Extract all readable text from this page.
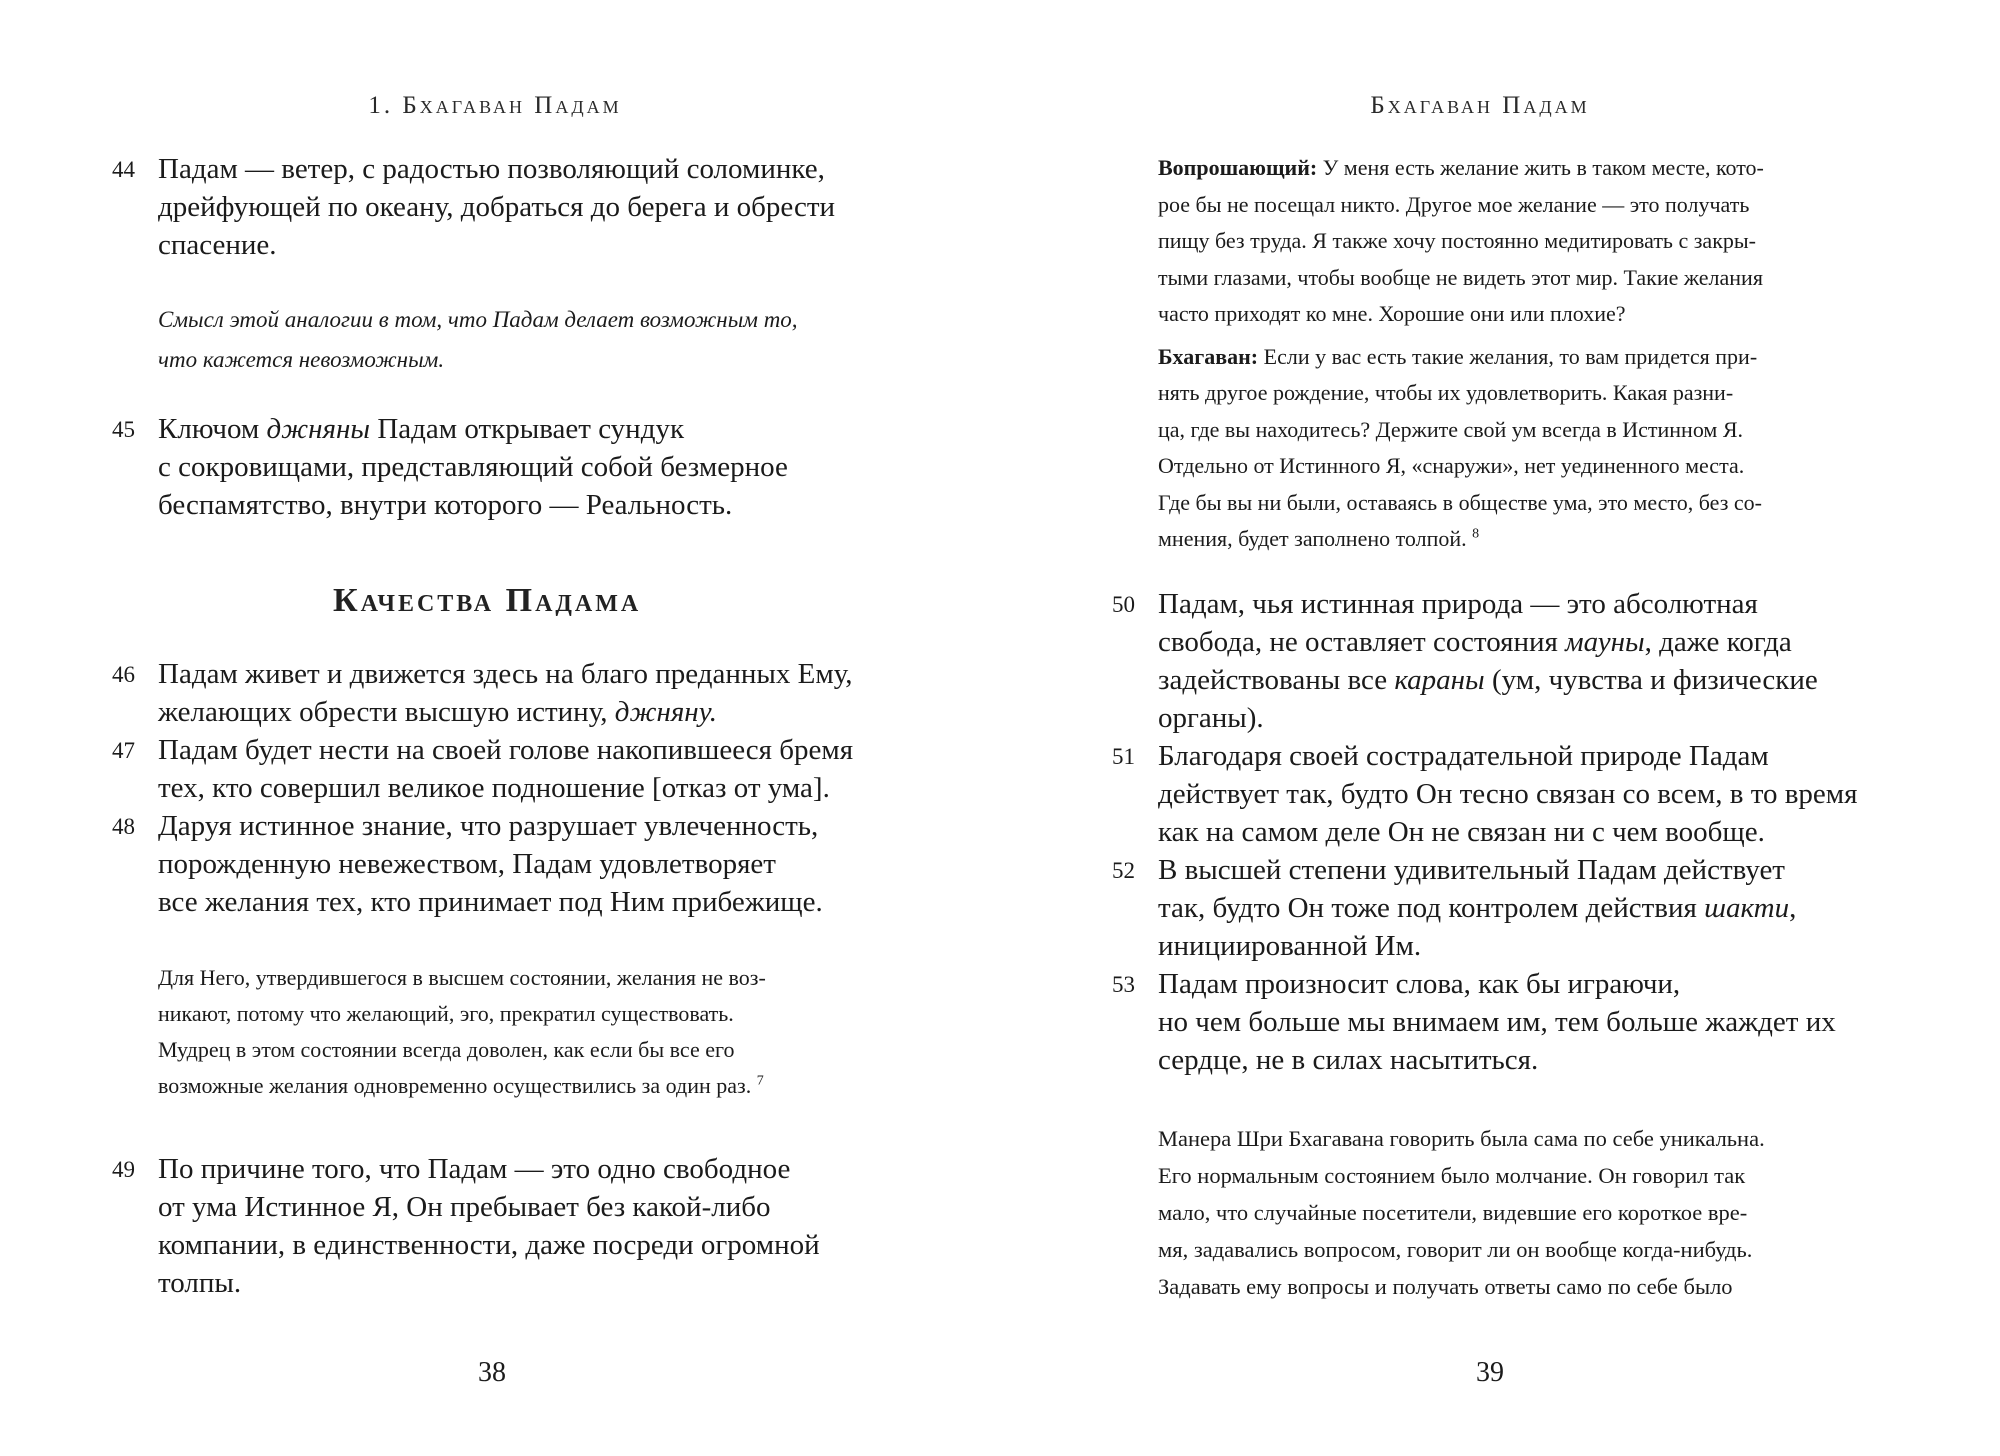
1. Бхагаван Падам
44 Падам — ветер, с радостью позволяющий соломинке,
дрейфующей по океану, добраться до берега и обрести
спасение.
Смысл этой аналогии в том, что Падам делает возможным то,
что кажется невозможным.
45 Ключом джняны Падам открывает сундук
с сокровищами, представляющий собой безмерное
беспамятство, внутри которого — Реальность.
Качества Падама
46 Падам живет и движется здесь на благо преданных Ему,
желающих обрести высшую истину, джняну.
47 Падам будет нести на своей голове накопившееся бремя
тех, кто совершил великое подношение [отказ от ума].
48 Даруя истинное знание, что разрушает увлеченность,
порожденную невежеством, Падам удовлетворяет
все желания тех, кто принимает под Ним прибежище.
Для Него, утвердившегося в высшем состоянии, желания не воз-
никают, потому что желающий, эго, прекратил существовать.
Мудрец в этом состоянии всегда доволен, как если бы все его
возможные желания одновременно осуществились за один раз. $^7$
49 По причине того, что Падам — это одно свободное
от ума Истинное Я, Он пребывает без какой-либо
компании, в единственности, даже посреди огромной
толпы.
38
Бхагаван Падам
Вопрошающий: У меня есть желание жить в таком месте, кото-
рое бы не посещал никто. Другое мое желание — это получать
пищу без труда. Я также хочу постоянно медитировать с закры-
тыми глазами, чтобы вообще не видеть этот мир. Такие желания
часто приходят ко мне. Хорошие они или плохие?
Бхагаван: Если у вас есть такие желания, то вам придется при-
нять другое рождение, чтобы их удовлетворить. Какая разни-
ца, где вы находитесь? Держите свой ум всегда в Истинном Я.
Отдельно от Истинного Я, «снаружи», нет уединенного места.
Где бы вы ни были, оставаясь в обществе ума, это место, без со-
мнения, будет заполнено толпой. $^8$
50 Падам, чья истинная природа — это абсолютная
свобода, не оставляет состояния мауны, даже когда
задействованы все караны (ум, чувства и физические
органы).
51 Благодаря своей сострадательной природе Падам
действует так, будто Он тесно связан со всем, в то время
как на самом деле Он не связан ни с чем вообще.
52 В высшей степени удивительный Падам действует
так, будто Он тоже под контролем действия шакти,
инициированной Им.
53 Падам произносит слова, как бы играючи,
но чем больше мы внимаем им, тем больше жаждет их
сердце, не в силах насытиться.
Манера Шри Бхагавана говорить была сама по себе уникальна.
Его нормальным состоянием было молчание. Он говорил так
мало, что случайные посетители, видевшие его короткое вре-
мя, задавались вопросом, говорит ли он вообще когда-нибудь.
Задавать ему вопросы и получать ответы само по себе было
39
